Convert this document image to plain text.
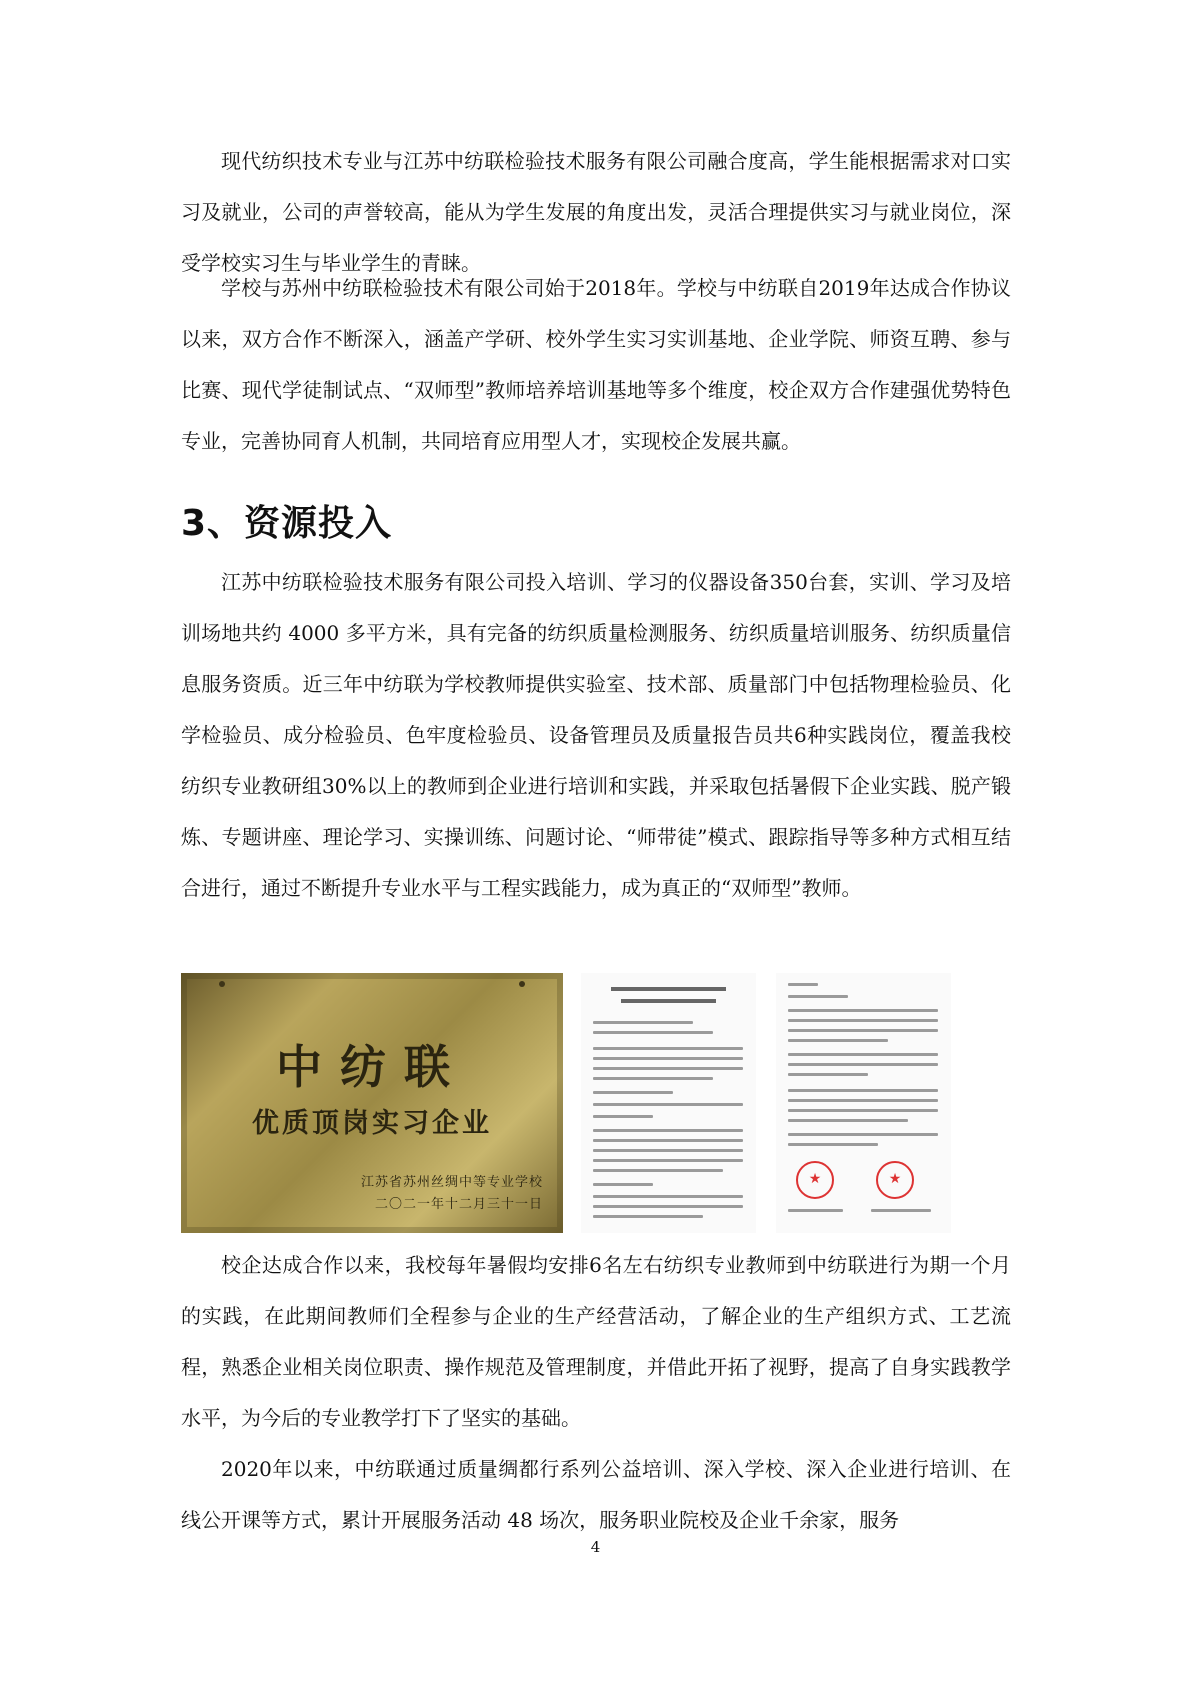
现代纺织技术专业与江苏中纺联检验技术服务有限公司融合度高，学生能根据需求对口实习及就业，公司的声誉较高，能从为学生发展的角度出发，灵活合理提供实习与就业岗位，深受学校实习生与毕业学生的青睐。

学校与苏州中纺联检验技术有限公司始于2018年。学校与中纺联自2019年达成合作协议以来，双方合作不断深入，涵盖产学研、校外学生实习实训基地、企业学院、师资互聘、参与比赛、现代学徒制试点、“双师型”教师培养培训基地等多个维度，校企双方合作建强优势特色专业，完善协同育人机制，共同培育应用型人才，实现校企发展共赢。

3、资源投入

江苏中纺联检验技术服务有限公司投入培训、学习的仪器设备350台套，实训、学习及培训场地共约 4000 多平方米，具有完备的纺织质量检测服务、纺织质量培训服务、纺织质量信息服务资质。近三年中纺联为学校教师提供实验室、技术部、质量部门中包括物理检验员、化学检验员、成分检验员、色牢度检验员、设备管理员及质量报告员共6种实践岗位，覆盖我校纺织专业教研组30%以上的教师到企业进行培训和实践，并采取包括暑假下企业实践、脱产锻炼、专题讲座、理论学习、实操训练、问题讨论、“师带徒”模式、跟踪指导等多种方式相互结合进行，通过不断提升专业水平与工程实践能力，成为真正的“双师型”教师。

中纺联
优质顶岗实习企业
江苏省苏州丝绸中等专业学校
二〇二一年十二月三十一日
★
★

校企达成合作以来，我校每年暑假均安排6名左右纺织专业教师到中纺联进行为期一个月的实践，在此期间教师们全程参与企业的生产经营活动，了解企业的生产组织方式、工艺流程，熟悉企业相关岗位职责、操作规范及管理制度，并借此开拓了视野，提高了自身实践教学水平，为今后的专业教学打下了坚实的基础。

2020年以来，中纺联通过质量绸都行系列公益培训、深入学校、深入企业进行培训、在线公开课等方式，累计开展服务活动 48 场次，服务职业院校及企业千余家，服务

4
